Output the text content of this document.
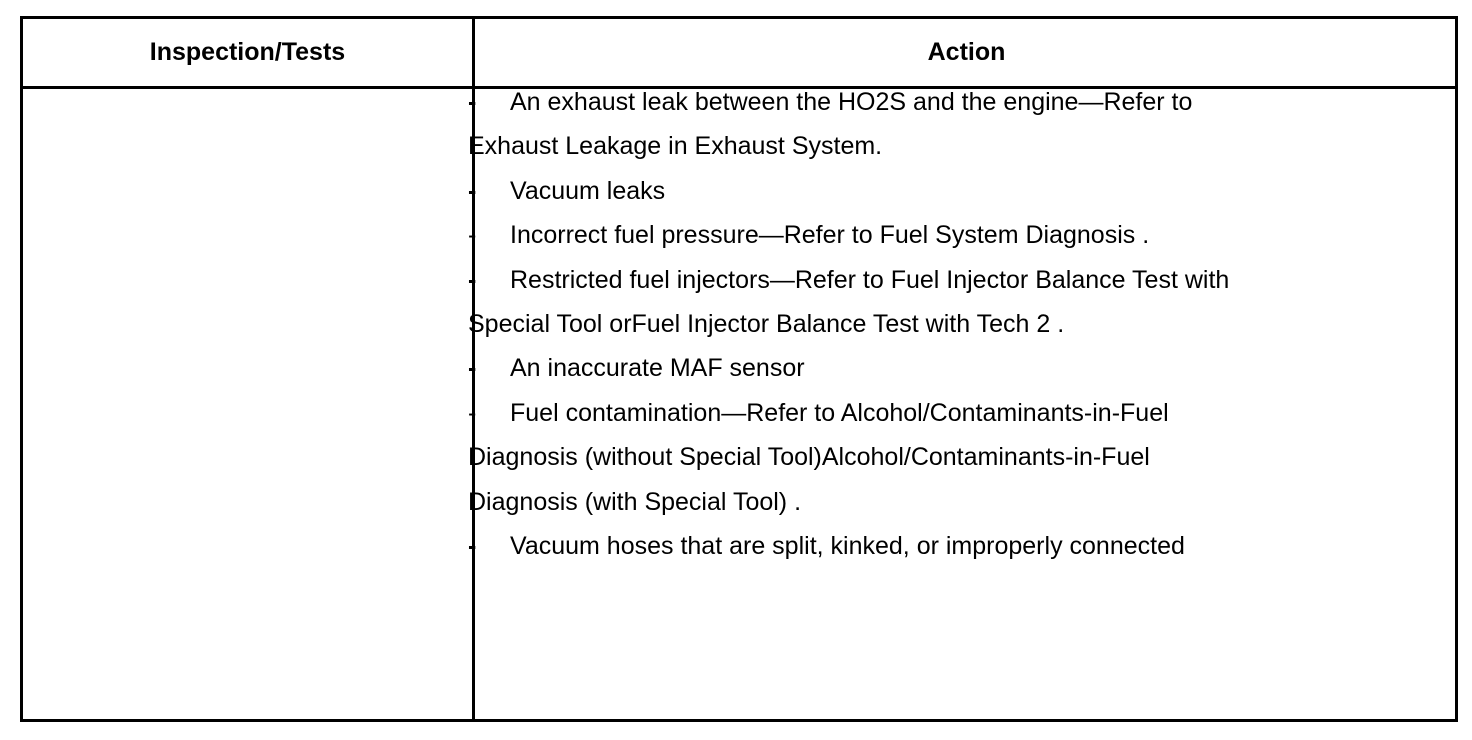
Inspection/Tests	Action
- An exhaust leak between the HO2S and the engine—Refer to
Exhaust Leakage in Exhaust System.
- Vacuum leaks
- Incorrect fuel pressure—Refer to Fuel System Diagnosis .
- Restricted fuel injectors—Refer to Fuel Injector Balance Test with
Special Tool orFuel Injector Balance Test with Tech 2 .
- An inaccurate MAF sensor
- Fuel contamination—Refer to Alcohol/Contaminants-in-Fuel
Diagnosis (without Special Tool)Alcohol/Contaminants-in-Fuel
Diagnosis (with Special Tool) .
- Vacuum hoses that are split, kinked, or improperly connected
